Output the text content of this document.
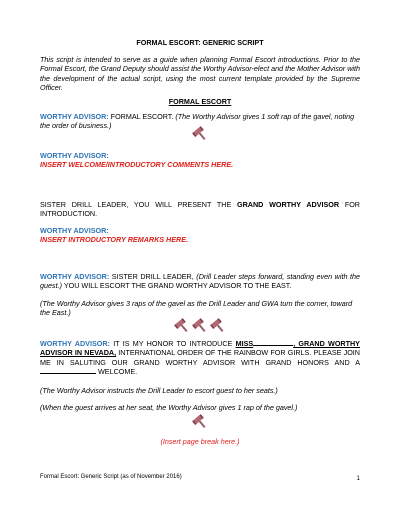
FORMAL ESCORT: GENERIC SCRIPT

This script is intended to serve as a guide when planning Formal Escort introductions. Prior to the Formal Escort, the Grand Deputy should assist the Worthy Advisor-elect and the Mother Advisor with the development of the actual script, using the most current template provided by the Supreme Officer.

FORMAL ESCORT

WORTHY ADVISOR: FORMAL ESCORT. (The Worthy Advisor gives 1 soft rap of the gavel, noting the order of business.)

WORTHY ADVISOR:

INSERT WELCOME/INTRODUCTORY COMMENTS HERE.

SISTER DRILL LEADER, YOU WILL PRESENT THE GRAND WORTHY ADVISOR FOR INTRODUCTION.

WORTHY ADVISOR:

INSERT INTRODUCTORY REMARKS HERE.

WORTHY ADVISOR: SISTER DRILL LEADER, (Drill Leader steps forward, standing even with the guest.) YOU WILL ESCORT THE GRAND WORTHY ADVISOR TO THE EAST.

(The Worthy Advisor gives 3 raps of the gavel as the Drill Leader and GWA turn the corner, toward the East.)

WORTHY ADVISOR: IT IS MY HONOR TO INTRODUCE MISS	, GRAND WORTHY ADVISOR IN NEVADA, INTERNATIONAL ORDER OF THE RAINBOW FOR GIRLS. PLEASE JOIN ME IN SALUTING OUR GRAND WORTHY ADVISOR WITH GRAND HONORS AND A  WELCOME.

(The Worthy Advisor instructs the Drill Leader to escort guest to her seats.)

(When the guest arrives at her seat, the Worthy Advisor gives 1 rap of the gavel.)

(Insert page break here.)

Formal Escort: Generic Script (as of November 2016)	1
